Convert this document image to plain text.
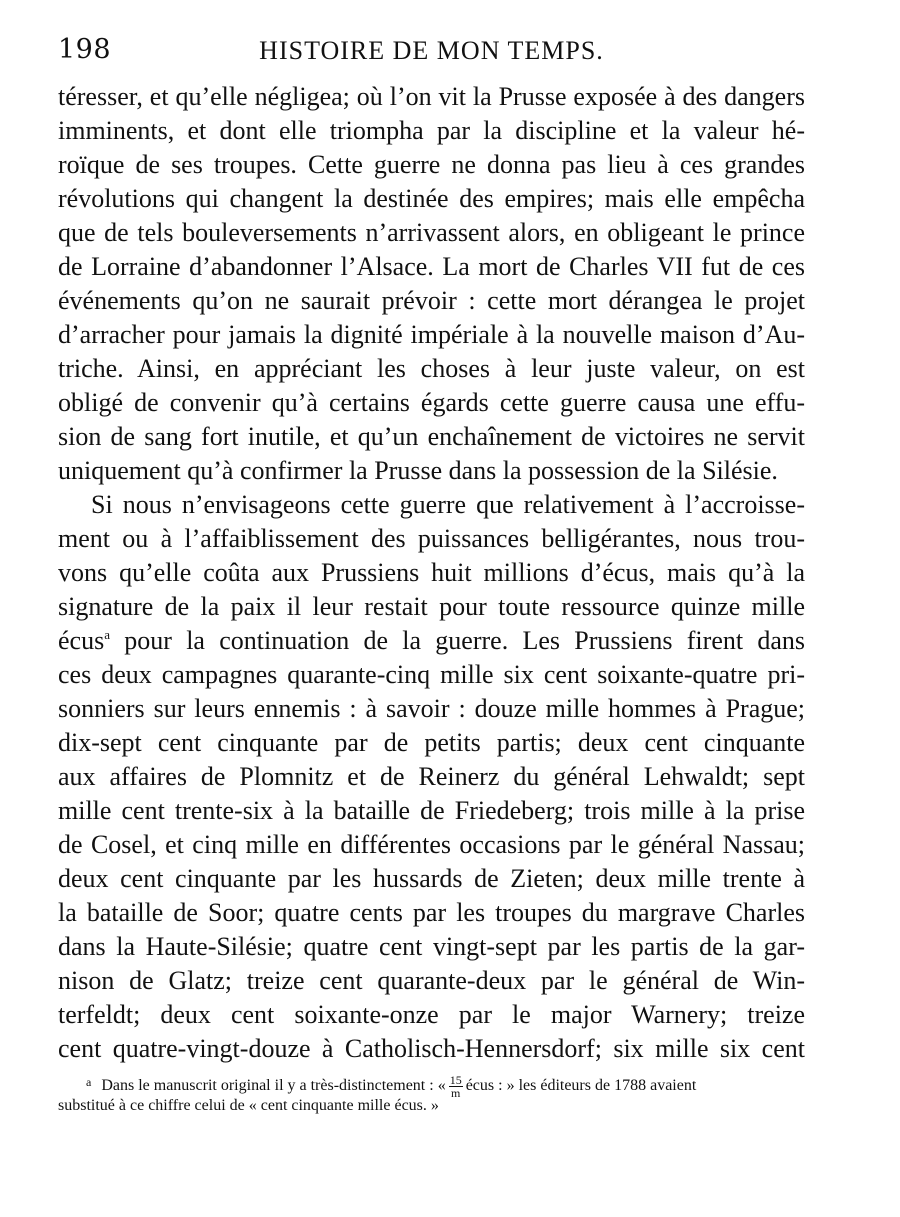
198	HISTOIRE DE MON TEMPS.
téresser, et qu’elle négligea; où l’on vit la Prusse exposée à des dangers
imminents, et dont elle triompha par la discipline et la valeur hé-
roïque de ses troupes. Cette guerre ne donna pas lieu à ces grandes
révolutions qui changent la destinée des empires; mais elle empêcha
que de tels bouleversements n’arrivassent alors, en obligeant le prince
de Lorraine d’abandonner l’Alsace. La mort de Charles VII fut de ces
événements qu’on ne saurait prévoir : cette mort dérangea le projet
d’arracher pour jamais la dignité impériale à la nouvelle maison d’Au-
triche. Ainsi, en appréciant les choses à leur juste valeur, on est
obligé de convenir qu’à certains égards cette guerre causa une effu-
sion de sang fort inutile, et qu’un enchaînement de victoires ne servit
uniquement qu’à confirmer la Prusse dans la possession de la Silésie.
Si nous n’envisageons cette guerre que relativement à l’accroisse-
ment ou à l’affaiblissement des puissances belligérantes, nous trou-
vons qu’elle coûta aux Prussiens huit millions d’écus, mais qu’à la
signature de la paix il leur restait pour toute ressource quinze mille
écus$^a$ pour la continuation de la guerre. Les Prussiens firent dans
ces deux campagnes quarante-cinq mille six cent soixante-quatre pri-
sonniers sur leurs ennemis : à savoir : douze mille hommes à Prague;
dix-sept cent cinquante par de petits partis; deux cent cinquante
aux affaires de Plomnitz et de Reinerz du général Lehwaldt; sept
mille cent trente-six à la bataille de Friedeberg; trois mille à la prise
de Cosel, et cinq mille en différentes occasions par le général Nassau;
deux cent cinquante par les hussards de Zieten; deux mille trente à
la bataille de Soor; quatre cents par les troupes du margrave Charles
dans la Haute-Silésie; quatre cent vingt-sept par les partis de la gar-
nison de Glatz; treize cent quarante-deux par le général de Win-
terfeldt; deux cent soixante-onze par le major Warnery; treize
cent quatre-vingt-douze à Catholisch-Hennersdorf; six mille six cent
$^a$ Dans le manuscrit original il y a très-distinctement : « $\frac{15}{m}$ écus : » les éditeurs de 1788 avaient
substitué à ce chiffre celui de « cent cinquante mille écus. »
